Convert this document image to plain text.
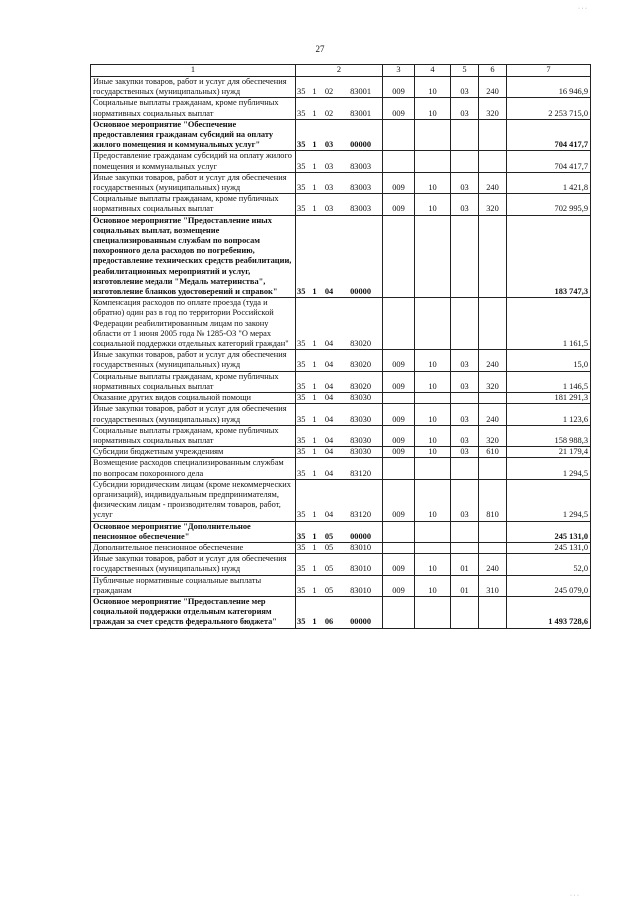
27
1	2	3	4	5	6	7
Иные закупки товаров, работ и услуг для обеспечения государственных (муниципальных) нужд	35 1 02 83001	009	10	03	240	16 946,9
Социальные выплаты гражданам, кроме публичных нормативных социальных выплат	35 1 02 83001	009	10	03	320	2 253 715,0
Основное мероприятие "Обеспечение предоставления гражданам субсидий на оплату жилого помещения и коммунальных услуг"	35 1 03 00000					704 417,7
Предоставление гражданам субсидий на оплату жилого помещения и коммунальных услуг	35 1 03 83003					704 417,7
Иные закупки товаров, работ и услуг для обеспечения государственных (муниципальных) нужд	35 1 03 83003	009	10	03	240	1 421,8
Социальные выплаты гражданам, кроме публичных нормативных социальных выплат	35 1 03 83003	009	10	03	320	702 995,9
Основное мероприятие "Предоставление иных социальных выплат, возмещение специализированным службам по вопросам похоронного дела расходов по погребению, предоставление технических средств реабилитации, реабилитационных мероприятий и услуг, изготовление медали "Медаль материнства", изготовление бланков удостоверений и справок"	35 1 04 00000					183 747,3
Компенсация расходов по оплате проезда (туда и обратно) один раз в год по территории Российской Федерации реабилитированным лицам по закону области от 1 июня 2005 года № 1285-ОЗ "О мерах социальной поддержки отдельных категорий граждан"	35 1 04 83020					1 161,5
Иные закупки товаров, работ и услуг для обеспечения государственных (муниципальных) нужд	35 1 04 83020	009	10	03	240	15,0
Социальные выплаты гражданам, кроме публичных нормативных социальных выплат	35 1 04 83020	009	10	03	320	1 146,5
Оказание других видов социальной помощи	35 1 04 83030					181 291,3
Иные закупки товаров, работ и услуг для обеспечения государственных (муниципальных) нужд	35 1 04 83030	009	10	03	240	1 123,6
Социальные выплаты гражданам, кроме публичных нормативных социальных выплат	35 1 04 83030	009	10	03	320	158 988,3
Субсидии бюджетным учреждениям	35 1 04 83030	009	10	03	610	21 179,4
Возмещение расходов специализированным службам по вопросам похоронного дела	35 1 04 83120					1 294,5
Субсидии юридическим лицам (кроме некоммерческих организаций), индивидуальным предпринимателям, физическим лицам - производителям товаров, работ, услуг	35 1 04 83120	009	10	03	810	1 294,5
Основное мероприятие "Дополнительное пенсионное обеспечение"	35 1 05 00000					245 131,0
Дополнительное пенсионное обеспечение	35 1 05 83010					245 131,0
Иные закупки товаров, работ и услуг для обеспечения государственных (муниципальных) нужд	35 1 05 83010	009	10	01	240	52,0
Публичные нормативные социальные выплаты гражданам	35 1 05 83010	009	10	01	310	245 079,0
Основное мероприятие "Предоставление мер социальной поддержки отдельным категориям граждан за счет средств федерального бюджета"	35 1 06 00000					1 493 728,6
· · ·
· · ·
